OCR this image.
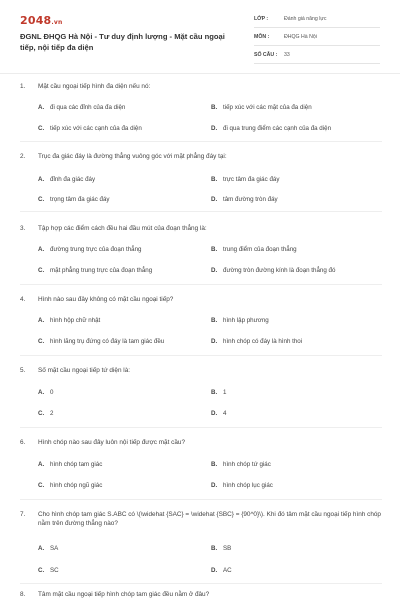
2048.vn
ĐGNL ĐHQG Hà Nội - Tư duy định lượng - Mặt cầu ngoại tiếp, nội tiếp đa diện
LỚP :	Đánh giá năng lực
MÔN :	ĐHQG Hà Nội
SỐ CÂU :	33
1.	Mặt cầu ngoại tiếp hình đa diện nếu nó:
A. đi qua các đỉnh của đa diện	B. tiếp xúc với các mặt của đa diện
C. tiếp xúc với các cạnh của đa diện	D. đi qua trung điểm các cạnh của đa diện
2.	Trục đa giác đáy là đường thẳng vuông góc với mặt phẳng đáy tại:
A. đỉnh đa giác đáy	B. trực tâm đa giác đáy
C. trọng tâm đa giác đáy	D. tâm đường tròn đáy
3.	Tập hợp các điểm cách đều hai đầu mút của đoạn thẳng là:
A. đường trung trực của đoạn thẳng	B. trung điểm của đoạn thẳng
C. mặt phẳng trung trực của đoạn thẳng	D. đường tròn đường kính là đoạn thẳng đó
4.	Hình nào sau đây không có mặt cầu ngoại tiếp?
A. hình hộp chữ nhật	B. hình lập phương
C. hình lăng trụ đứng có đáy là tam giác đều	D. hình chóp có đáy là hình thoi
5.	Số mặt cầu ngoại tiếp tứ diện là:
A. 0	B. 1
C. 2	D. 4
6.	Hình chóp nào sau đây luôn nội tiếp được mặt cầu?
A. hình chóp tam giác	B. hình chóp tứ giác
C. hình chóp ngũ giác	D. hình chóp lục giác
7.	Cho hình chóp tam giác S.ABC có \(\widehat {SAC} = \widehat {SBC} = {90^0}\). Khi đó tâm mặt cầu ngoại tiếp hình chóp nằm trên đường thẳng nào?
A. SA	B. SB
C. SC	D. AC
8.	Tâm mặt cầu ngoại tiếp hình chóp tam giác đều nằm ở đâu?
